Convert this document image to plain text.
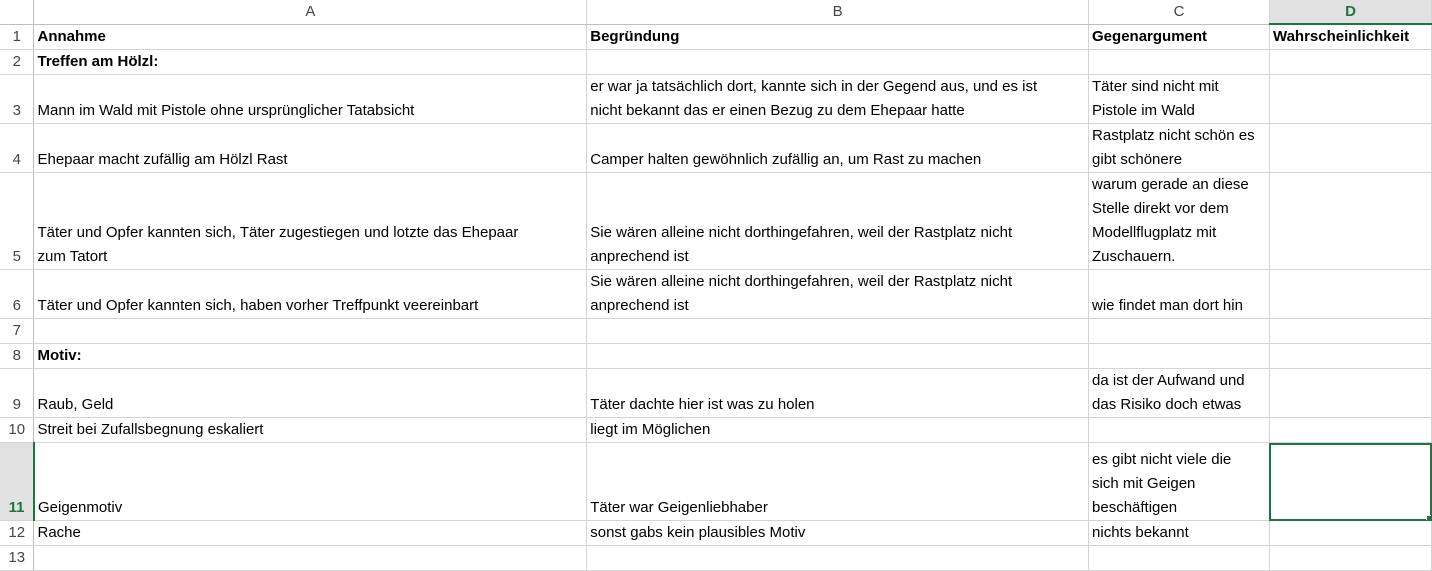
	A	B	C	D
1	Annahme	Begründung	Gegenargument	Wahrscheinlichkeit
2	Treffen am Hölzl:			
3	Mann im Wald mit Pistole ohne ursprünglicher Tatabsicht	er war ja tatsächlich dort, kannte sich in der Gegend aus, und es ist
nicht bekannt das er einen Bezug zu dem Ehepaar hatte	Täter sind nicht mit
Pistole im Wald	
4	Ehepaar macht zufällig am Hölzl Rast	Camper halten gewöhnlich zufällig an, um Rast zu machen	Rastplatz nicht schön es
gibt schönere	
5	Täter und Opfer kannten sich, Täter zugestiegen und lotzte das Ehepaar
zum Tatort	Sie wären alleine nicht dorthingefahren, weil der Rastplatz nicht
anprechend ist	warum gerade an diese
Stelle direkt vor dem
Modellflugplatz mit
Zuschauern.	
6	Täter und Opfer kannten sich, haben vorher Treffpunkt veereinbart	Sie wären alleine nicht dorthingefahren, weil der Rastplatz nicht
anprechend ist	wie findet man dort hin	
7				
8	Motiv:			
9	Raub, Geld	Täter dachte hier ist was zu holen	da ist der Aufwand und
das Risiko doch etwas	
10	Streit bei Zufallsbegnung eskaliert	liegt im Möglichen		
11	Geigenmotiv	Täter war Geigenliebhaber	es gibt nicht viele die
sich mit Geigen
beschäftigen	

12	Rache	sonst gabs kein plausibles Motiv	nichts bekannt	
13				
